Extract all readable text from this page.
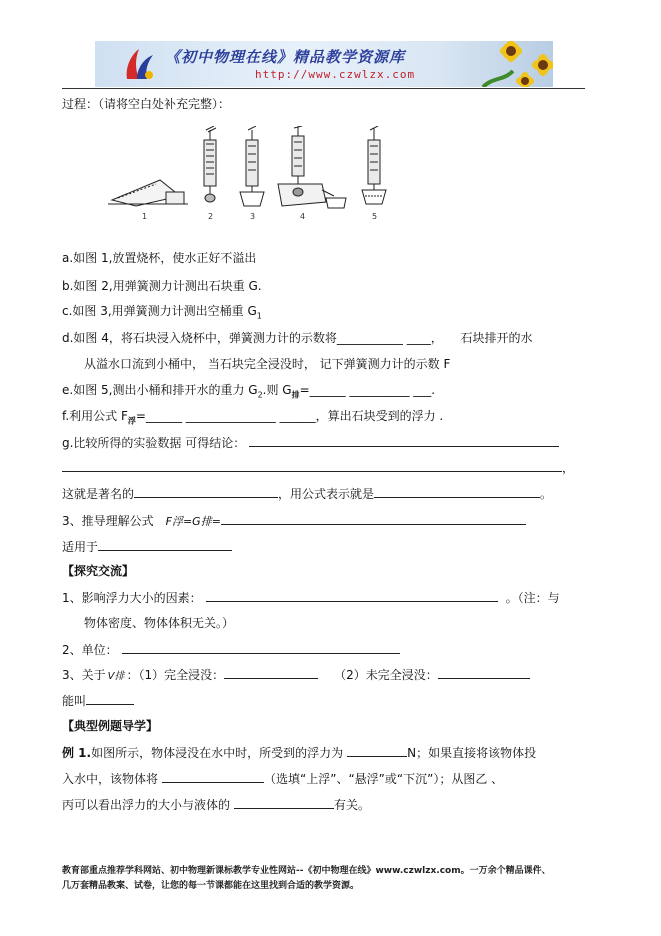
《初中物理在线》精品教学资源库
http://www.czwlzx.com
过程：（请将空白处补充完整）：
1	2	3	4	5
a.如图 1,放置烧杯，使水正好不溢出
b.如图 2,用弹簧测力计测出石块重 G.
c.如图 3,用弹簧测力计测出空桶重 $G_1$
d.如图 4，将石块浸入烧杯中，弹簧测力计的示数将___________ ____， 石块排开的水
从溢水口流到小桶中， 当石块完全浸没时， 记下弹簧测力计的示数 F
e.如图 5,测出小桶和排开水的重力 $G_2$.则 $G_排=\_\_\_\_\_\_$ __________ ___.
f.利用公式 $F_浮=\_\_\_\_\_\_$ _______________ ______，算出石块受到的浮力 .
g.比较所得的实验数据 可得结论：
，
这就是著名的	，用公式表示就是	。
3、推导理解公式 F浮=G排=
适用于
【探究交流】
1、影响浮力大小的因素：	。（注：与
物体密度、物体体积无关。）
2、单位：
3、关于 V排 ：（1）完全浸没：	（2）未完全浸没：
能叫
【典型例题导学】
例 1.如图所示，物体浸没在水中时，所受到的浮力为	N；如果直接将该物体投
入水中，该物体将	（选填“上浮”、“悬浮”或“下沉”）；从图乙 、
丙可以看出浮力的大小与液体的	有关。
教育部重点推荐学科网站、初中物理新课标教学专业性网站--《初中物理在线》www.czwlzx.com。一万余个精品课件、
几万套精品教案、试卷，让您的每一节课都能在这里找到合适的教学资源。
